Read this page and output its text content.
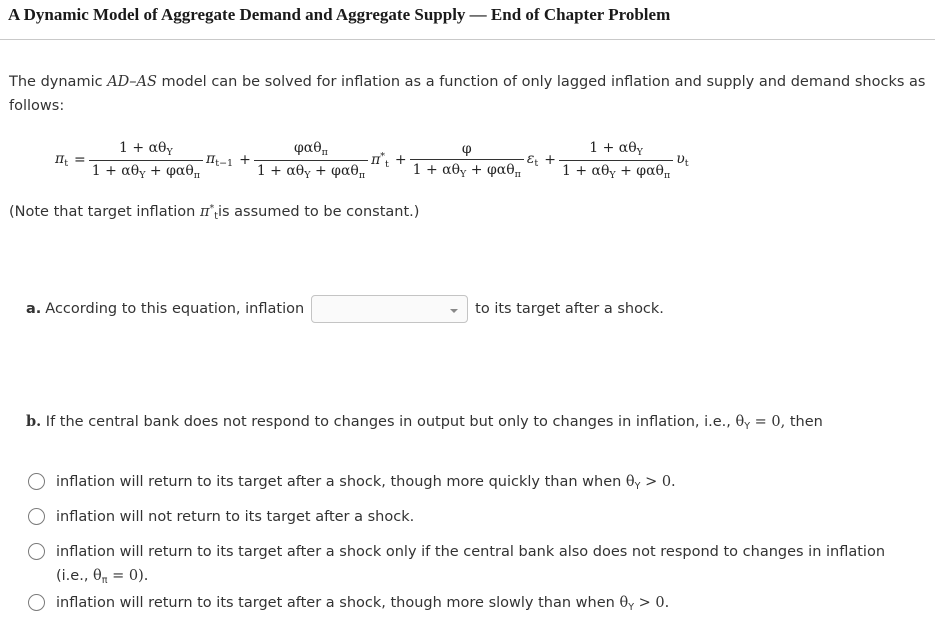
A Dynamic Model of Aggregate Demand and Aggregate Supply — End of Chapter Problem

The dynamic AD–AS model can be solved for inflation as a function of only lagged inflation and supply and demand shocks as follows:

$\pi_t = \frac{1 + \alpha\theta_Y}{1 + \alpha\theta_Y + \varphi\alpha\theta_\pi} \pi_{t-1} + \frac{\varphi\alpha\theta_\pi}{1 + \alpha\theta_Y + \varphi\alpha\theta_\pi} \pi^*_t + \frac{\varphi}{1 + \alpha\theta_Y + \varphi\alpha\theta_\pi} \varepsilon_t + \frac{1 + \alpha\theta_Y}{1 + \alpha\theta_Y + \varphi\alpha\theta_\pi} \upsilon_t$

(Note that target inflation $\pi^*_tis$ assumed to be constant.)

a. According to this equation, inflation	to its target after a shock.

b. If the central bank does not respond to changes in output but only to changes in inflation, i.e., $\theta_Y = 0$, then

inflation will return to its target after a shock, though more quickly than when $\theta_Y > 0$.
inflation will not return to its target after a shock.
inflation will return to its target after a shock only if the central bank also does not respond to changes in inflation (i.e., $\theta_\pi = 0$).
inflation will return to its target after a shock, though more slowly than when $\theta_Y > 0$.
